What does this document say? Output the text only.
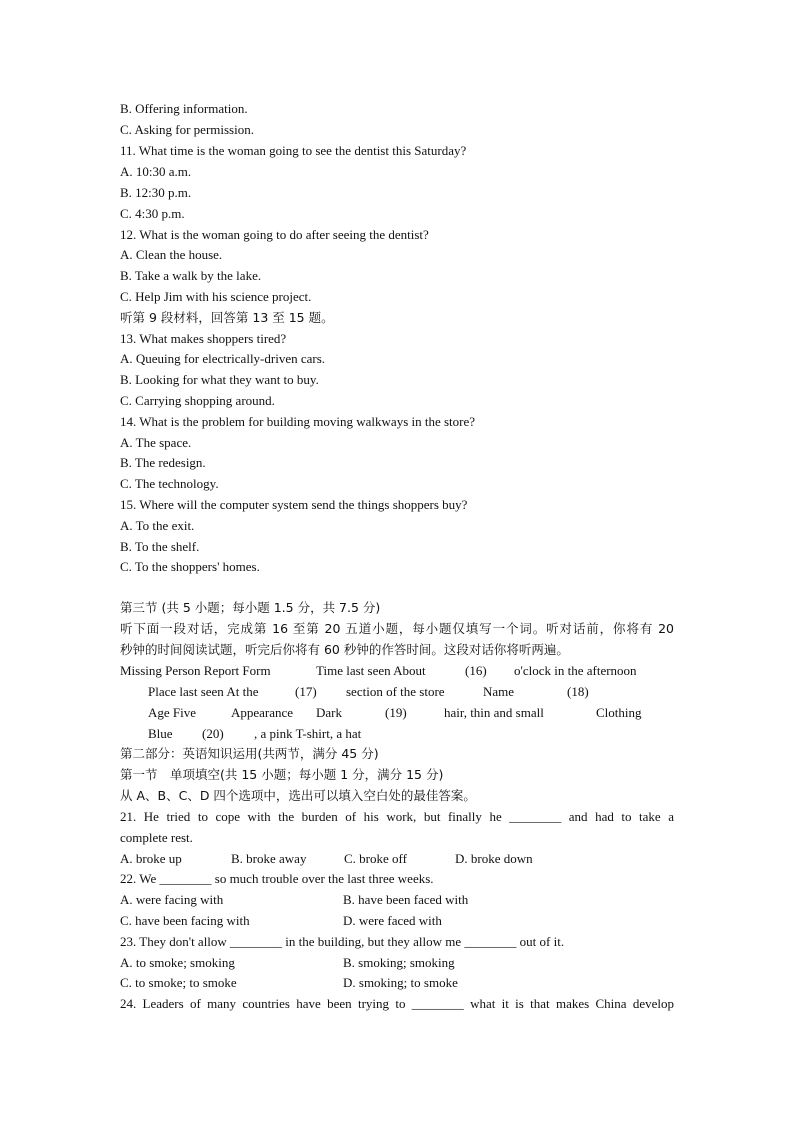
B. Offering information.
C. Asking for permission.
11. What time is the woman going to see the dentist this Saturday?
A. 10:30 a.m.
B. 12:30 p.m.
C. 4:30 p.m.
12. What is the woman going to do after seeing the dentist?
A. Clean the house.
B. Take a walk by the lake.
C. Help Jim with his science project.
听第 9 段材料，回答第 13 至 15 题。
13. What makes shoppers tired?
A. Queuing for electrically-driven cars.
B. Looking for what they want to buy.
C. Carrying shopping around.
14. What is the problem for building moving walkways in the store?
A. The space.
B. The redesign.
C. The technology.
15. Where will the computer system send the things shoppers buy?
A. To the exit.
B. To the shelf.
C. To the shoppers' homes.
第三节 (共 5 小题；每小题 1.5 分，共 7.5 分)
听下面一段对话，完成第 16 至第 20 五道小题，每小题仅填写一个词。听对话前，你将有 20
秒钟的时间阅读试题，听完后你将有 60 秒钟的作答时间。这段对话你将听两遍。
Missing Person Report Form	Time last seen About	(16) o'clock in the afternoon
Place last seen At the	(17) section of the store	Name	(18)
Age Five	Appearance Dark	(19)	hair, thin and small	Clothing
Blue (20) , a pink T-shirt, a hat
第二部分：英语知识运用(共两节，满分 45 分)
第一节　单项填空(共 15 小题；每小题 1 分，满分 15 分)
从 A、B、C、D 四个选项中，选出可以填入空白处的最佳答案。
21. He tried to cope with the burden of his work, but finally he ________ and had to take a
complete rest.
A. broke up	B. broke away	C. broke off	D. broke down
22. We ________ so much trouble over the last three weeks.
A. were facing with	B. have been faced with
C. have been facing with	D. were faced with
23. They don't allow ________ in the building, but they allow me ________ out of it.
A. to smoke; smoking	B. smoking; smoking
C. to smoke; to smoke	D. smoking; to smoke
24. Leaders of many countries have been trying to ________ what it is that makes China develop
